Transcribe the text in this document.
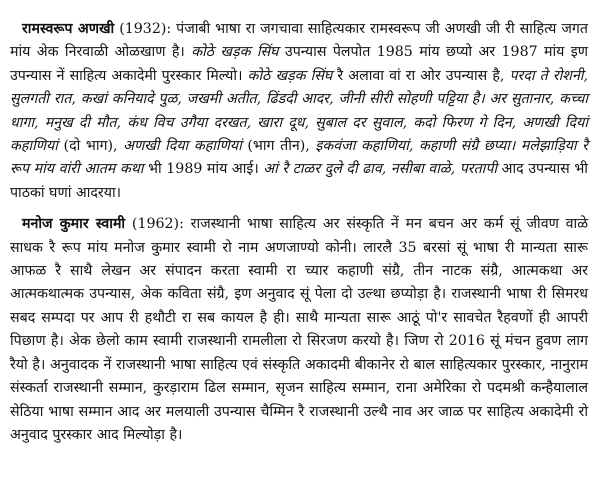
रामस्वरूप अणखी (1932): पंजाबी भाषा रा जगचावा साहित्यकार रामस्वरूप जी अणखी जी री साहित्य जगत मांय अेक निरवाळी ओळखाण है। कोठे खड़क सिंघ उपन्यास पेलपोत 1985 मांय छप्यो अर 1987 मांय इण उपन्यास नें साहित्य अकादेमी पुरस्कार मिल्यो। कोठे खड़क सिंघ रै अलावा वां रा ओर उपन्यास है, परदा ते रोशनी, सुलगती रात, कखां कनियादे पुळ, जखमी अतीत, ढिंडदी आदर, जीनी सीरी सोहणी पट्टिया है। अर सुतानार, कच्चा धागा, मनुख दी मौत, कंध विच उगैया दरखत, खारा दूध, सुबाल दर सुवाल, कदो फिरण गे दिन, अणखी दियां कहाणियां (दो भाग), अणखी दिया कहाणियां (भाग तीन), इकवंजा कहाणियां, कहाणी संग्रै छप्या। मलेझाड़िया रै रूप मांय वांरी आतम कथा भी 1989 मांय आई। आं रै टाळर दुले दी ढाव, नसीबा वाळे, परतापी आद उपन्यास भी पाठकां घणां आदरया।

मनोज कुमार स्वामी (1962): राजस्थानी भाषा साहित्य अर संस्कृति नें मन बचन अर कर्म सूं जीवण वाळे साधक रै रूप मांय मनोज कुमार स्वामी रो नाम अणजाण्यो कोनी। लारलै 35 बरसां सूं भाषा री मान्यता सारू आफळ रै साथै लेखन अर संपादन करता स्वामी रा च्यार कहाणी संग्रै, तीन नाटक संग्रै, आत्मकथा अर आत्मकथात्मक उपन्यास, अेक कविता संग्रै, इण अनुवाद सूं पेला दो उल्था छप्योड़ा है। राजस्थानी भाषा री सिमरध सबद सम्पदा पर आप री हथौटी रा सब कायल है ही। साथै मान्यता सारू आठूं पो'र सावचेत रैहवणों ही आपरी पिछाण है। अेक छेलो काम स्वामी राजस्थानी रामलीला रो सिरजण करयो है। जिण रो 2016 सूं मंचन हुवण लाग रैयो है। अनुवादक नें राजस्थानी भाषा साहित्य एवं संस्कृति अकादमी बीकानेर रो बाल साहित्यकार पुरस्कार, नानुराम संस्कर्ता राजस्थानी सम्मान, कुरड़ाराम ढिल सम्मान, सृजन साहित्य सम्मान, राना अमेरिका रो पदमश्री कन्हैयालाल सेठिया भाषा सम्मान आद अर मलयाली उपन्यास चैम्मिन रै राजस्थानी उल्थै नाव अर जाळ पर साहित्य अकादेमी रो अनुवाद पुरस्कार आद मिल्योड़ा है।
